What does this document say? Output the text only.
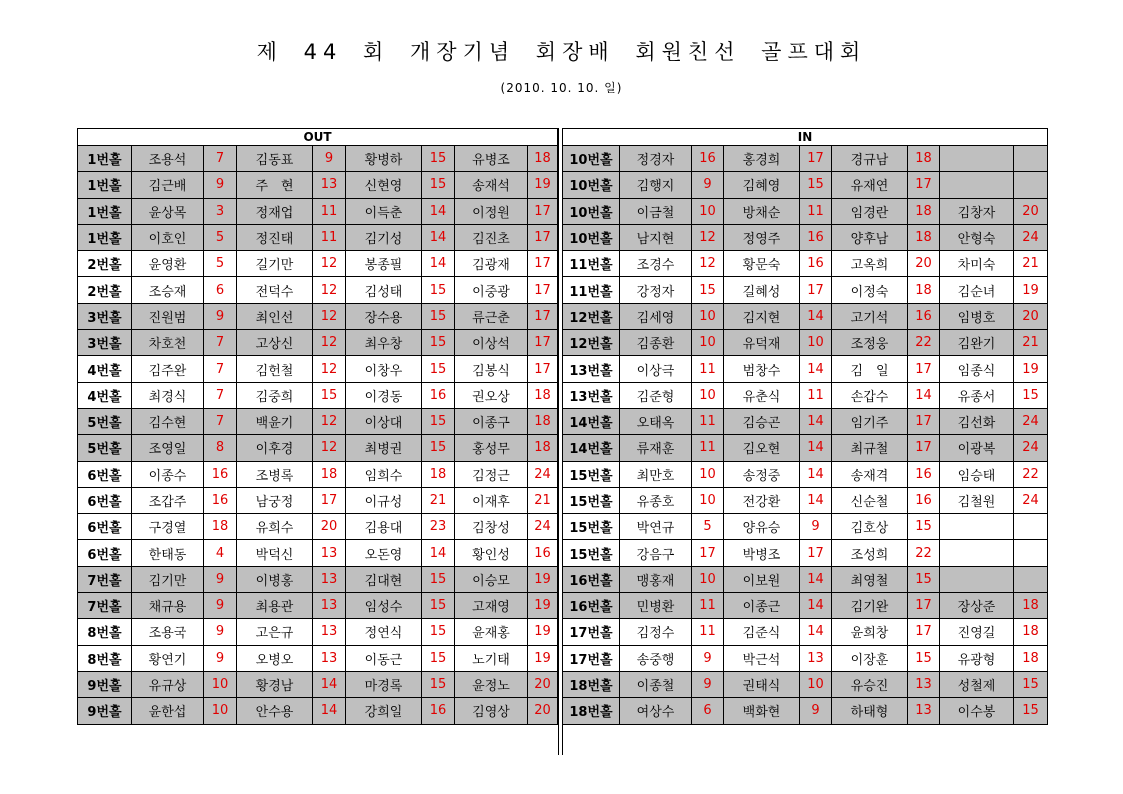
제 44 회 개장기념 회장배 회원친선 골프대회
(2010. 10. 10. 일)
OUT								
1번홀	조용석	7	김동표	9	황병하	15	유병조	18
1번홀	김근배	9	주　현	13	신현영	15	송재석	19
1번홀	윤상목	3	정재업	11	이득춘	14	이정원	17
1번홀	이호인	5	정진태	11	김기성	14	김진초	17
2번홀	윤영환	5	길기만	12	봉종필	14	김광재	17
2번홀	조승재	6	전덕수	12	김성태	15	이중광	17
3번홀	진원범	9	최인선	12	장수용	15	류근춘	17
3번홀	차호천	7	고상신	12	최우창	15	이상석	17
4번홀	김주완	7	김헌철	12	이창우	15	김봉식	17
4번홀	최경식	7	김중희	15	이경동	16	권오상	18
5번홀	김수현	7	백윤기	12	이상대	15	이종구	18
5번홀	조영일	8	이후경	12	최병권	15	홍성무	18
6번홀	이종수	16	조병록	18	임희수	18	김정근	24
6번홀	조갑주	16	남궁정	17	이규성	21	이재후	21
6번홀	구경열	18	유희수	20	김용대	23	김창성	24
6번홀	한태동	4	박덕신	13	오돈영	14	황인성	16
7번홀	김기만	9	이병홍	13	김대현	15	이승모	19
7번홀	채규용	9	최용관	13	임성수	15	고재영	19
8번홀	조용국	9	고은규	13	정연식	15	윤재홍	19
8번홀	황연기	9	오병오	13	이동근	15	노기태	19
9번홀	유규상	10	황경남	14	마경록	15	윤정노	20
9번홀	윤한섭	10	안수용	14	강희일	16	김영상	20
IN								
10번홀	정경자	16	홍경희	17	경규남	18		
10번홀	김행지	9	김혜영	15	유재연	17		
10번홀	이금철	10	방채순	11	임경란	18	김창자	20
10번홀	남지현	12	정영주	16	양후남	18	안형숙	24
11번홀	조경수	12	황문숙	16	고옥희	20	차미숙	21
11번홀	강정자	15	길혜성	17	이정숙	18	김순녀	19
12번홀	김세영	10	김지현	14	고기석	16	임병호	20
12번홀	김종환	10	유덕재	10	조정웅	22	김완기	21
13번홀	이상극	11	범창수	14	김　일	17	임종식	19
13번홀	김준형	10	유춘식	11	손갑수	14	유종서	15
14번홀	오태옥	11	김승곤	14	임기주	17	김선화	24
14번홀	류재훈	11	김오현	14	최규철	17	이광복	24
15번홀	최만호	10	송정중	14	송재격	16	임승태	22
15번홀	유종호	10	전강환	14	신순철	16	김철원	24
15번홀	박연규	5	양유승	9	김호상	15		
15번홀	강음구	17	박병조	17	조성희	22		
16번홀	맹홍재	10	이보원	14	최영철	15		
16번홀	민병환	11	이종근	14	김기완	17	장상준	18
17번홀	김정수	11	김준식	14	윤희창	17	진영길	18
17번홀	송중행	9	박근석	13	이장훈	15	유광형	18
18번홀	이종철	9	권태식	10	유승진	13	성철제	15
18번홀	여상수	6	백화현	9	하태형	13	이수봉	15
